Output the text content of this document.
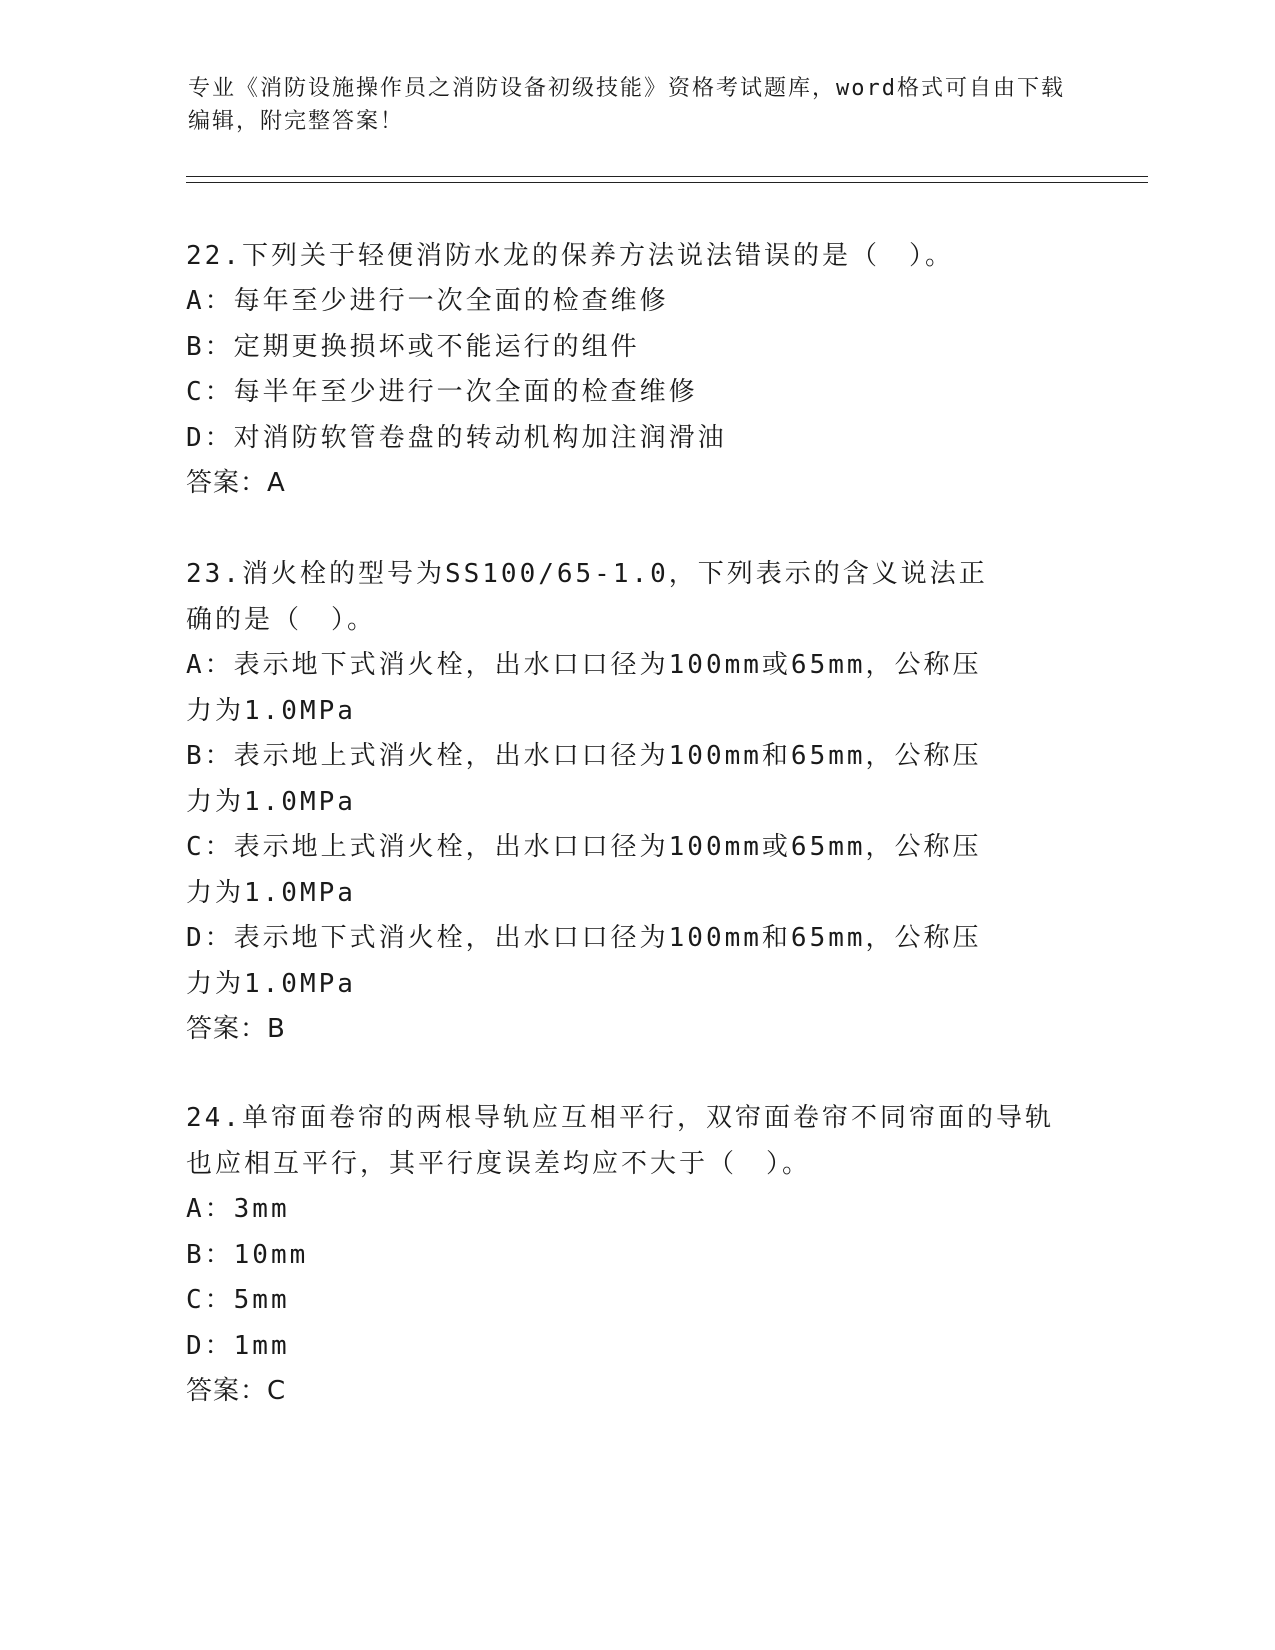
专业《消防设施操作员之消防设备初级技能》资格考试题库，word格式可自由下载编辑，附完整答案！

22.下列关于轻便消防水龙的保养方法说法错误的是（　）。

A：每年至少进行一次全面的检查维修

B：定期更换损坏或不能运行的组件

C：每半年至少进行一次全面的检查维修

D：对消防软管卷盘的转动机构加注润滑油

答案：A

23.消火栓的型号为SS100/65-1.0，下列表示的含义说法正确的是（　）。

A：表示地下式消火栓，出水口口径为100mm或65mm，公称压力为1.0MPa

B：表示地上式消火栓，出水口口径为100mm和65mm，公称压力为1.0MPa

C：表示地上式消火栓，出水口口径为100mm或65mm，公称压力为1.0MPa

D：表示地下式消火栓，出水口口径为100mm和65mm，公称压力为1.0MPa

答案：B

24.单帘面卷帘的两根导轨应互相平行，双帘面卷帘不同帘面的导轨也应相互平行，其平行度误差均应不大于（　）。

A：3mm

B：10mm

C：5mm

D：1mm

答案：C
